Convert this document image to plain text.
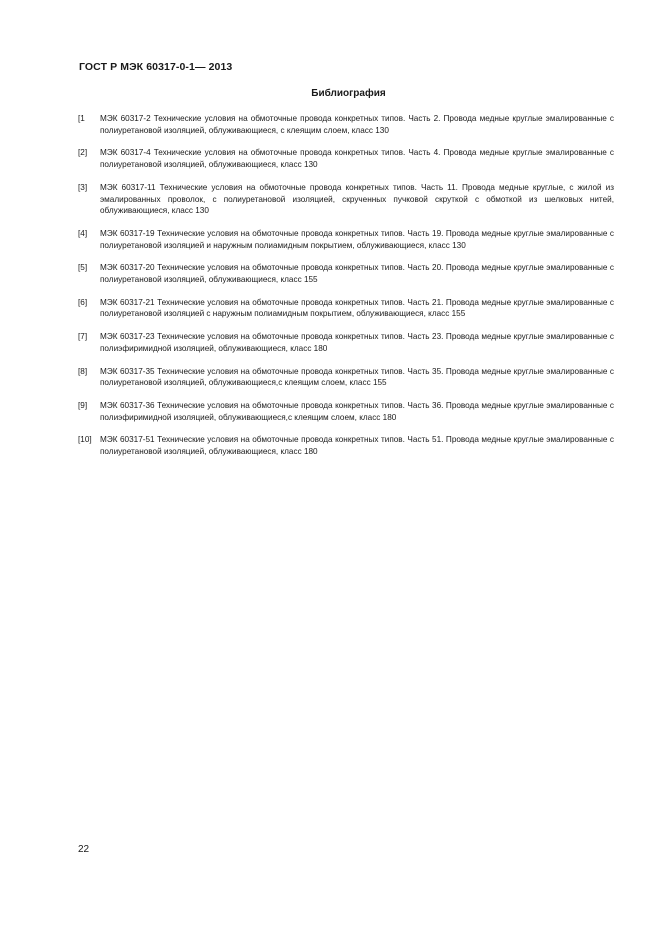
ГОСТ Р МЭК 60317-0-1— 2013
Библиография
[1 МЭК 60317-2 Технические условия на обмоточные провода конкретных типов. Часть 2. Провода медные круглые эмалированные с полиуретановой изоляцией, облуживающиеся, с клеящим слоем, класс 130
[2] МЭК 60317-4 Технические условия на обмоточные провода конкретных типов. Часть 4. Провода медные круглые эмалированные с полиуретановой изоляцией, облуживающиеся, класс 130
[3] МЭК 60317-11 Технические условия на обмоточные провода конкретных типов. Часть 11. Провода медные круглые, с жилой из эмалированных проволок, с полиуретановой изоляцией, скрученных пучковой скруткой с обмоткой из шелковых нитей, облуживающиеся, класс 130
[4] МЭК 60317-19 Технические условия на обмоточные провода конкретных типов. Часть 19. Провода медные круглые эмалированные с полиуретановой изоляцией и наружным полиамидным покрытием, облуживающиеся, класс 130
[5] МЭК 60317-20 Технические условия на обмоточные провода конкретных типов. Часть 20. Провода медные круглые эмалированные с полиуретановой изоляцией, облуживающиеся, класс 155
[6] МЭК 60317-21 Технические условия на обмоточные провода конкретных типов. Часть 21. Провода медные круглые эмалированные с полиуретановой изоляцией с наружным полиамидным покрытием, облуживающиеся, класс 155
[7] МЭК 60317-23 Технические условия на обмоточные провода конкретных типов. Часть 23. Провода медные круглые эмалированные с полиэфиримидной изоляцией, облуживающиеся, класс 180
[8] МЭК 60317-35 Технические условия на обмоточные провода конкретных типов. Часть 35. Провода медные круглые эмалированные с полиуретановой изоляцией, облуживающиеся,с клеящим слоем, класс 155
[9] МЭК 60317-36 Технические условия на обмоточные провода конкретных типов. Часть 36. Провода медные круглые эмалированные с полиэфиримидной изоляцией, облуживающиеся,с клеящим слоем, класс 180
[10] МЭК 60317-51 Технические условия на обмоточные провода конкретных типов. Часть 51. Провода медные круглые эмалированные с полиуретановой изоляцией, облуживающиеся, класс 180
22
